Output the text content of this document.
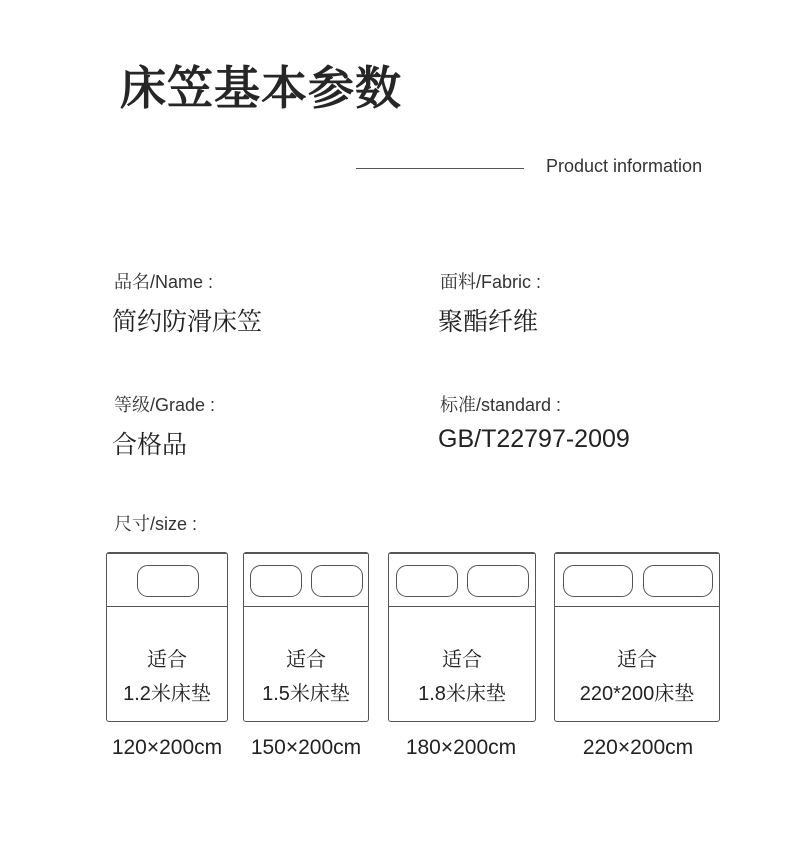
床笠基本参数
Product information
品名/Name :
简约防滑床笠
面料/Fabric :
聚酯纤维
等级/Grade :
合格品
标准/standard :
GB/T22797-2009
尺寸/size :
适合
1.2米床垫
120×200cm
适合
1.5米床垫
150×200cm
适合
1.8米床垫
180×200cm
适合
220*200床垫
220×200cm
